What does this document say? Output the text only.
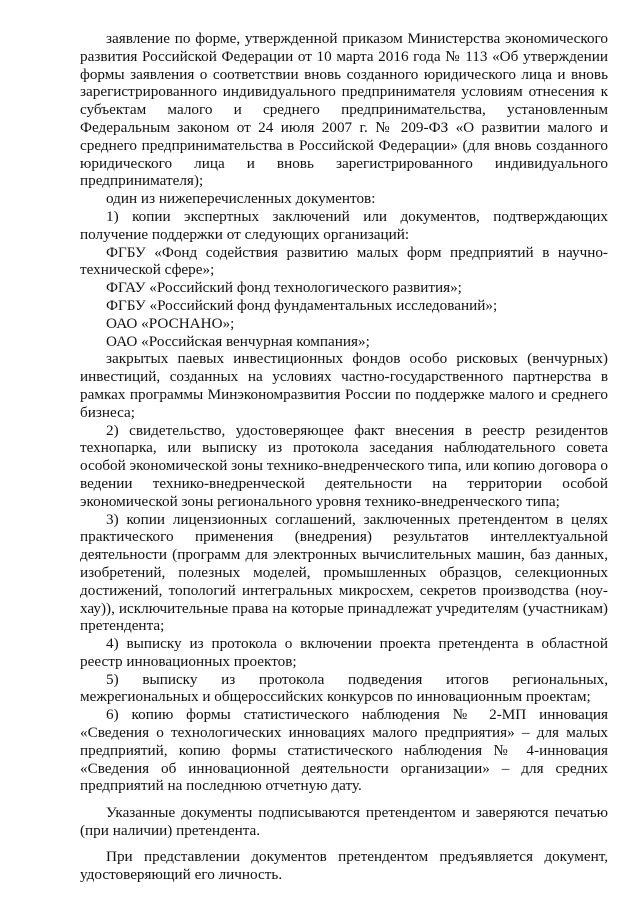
заявление по форме, утвержденной приказом Министерства экономического развития Российской Федерации от 10 марта 2016 года № 113 «Об утверждении формы заявления о соответствии вновь созданного юридического лица и вновь зарегистрированного индивидуального предпринимателя условиям отнесения к субъектам малого и среднего предпринимательства, установленным Федеральным законом от 24 июля 2007 г. № 209-ФЗ «О развитии малого и среднего предпринимательства в Российской Федерации» (для вновь созданного юридического лица и вновь зарегистрированного индивидуального предпринимателя);

один из нижеперечисленных документов:

1) копии экспертных заключений или документов, подтверждающих получение поддержки от следующих организаций:

ФГБУ «Фонд содействия развитию малых форм предприятий в научно-технической сфере»;

ФГАУ «Российский фонд технологического развития»;

ФГБУ «Российский фонд фундаментальных исследований»;

ОАО «РОСНАНО»;

ОАО «Российская венчурная компания»;

закрытых паевых инвестиционных фондов особо рисковых (венчурных) инвестиций, созданных на условиях частно-государственного партнерства в рамках программы Минэкономразвития России по поддержке малого и среднего бизнеса;

2) свидетельство, удостоверяющее факт внесения в реестр резидентов технопарка, или выписку из протокола заседания наблюдательного совета особой экономической зоны технико-внедренческого типа, или копию договора о ведении технико-внедренческой деятельности на территории особой экономической зоны регионального уровня технико-внедренческого типа;

3) копии лицензионных соглашений, заключенных претендентом в целях практического применения (внедрения) результатов интеллектуальной деятельности (программ для электронных вычислительных машин, баз данных, изобретений, полезных моделей, промышленных образцов, селекционных достижений, топологий интегральных микросхем, секретов производства (ноу-хау)), исключительные права на которые принадлежат учредителям (участникам) претендента;

4) выписку из протокола о включении проекта претендента в областной реестр инновационных проектов;

5) выписку из протокола подведения итогов региональных, межрегиональных и общероссийских конкурсов по инновационным проектам;

6) копию формы статистического наблюдения № 2-МП инновация «Сведения о технологических инновациях малого предприятия» – для малых предприятий, копию формы статистического наблюдения № 4-инновация «Сведения об инновационной деятельности организации» – для средних предприятий на последнюю отчетную дату.

Указанные документы подписываются претендентом и заверяются печатью (при наличии) претендента.

При представлении документов претендентом предъявляется документ, удостоверяющий его личность.
